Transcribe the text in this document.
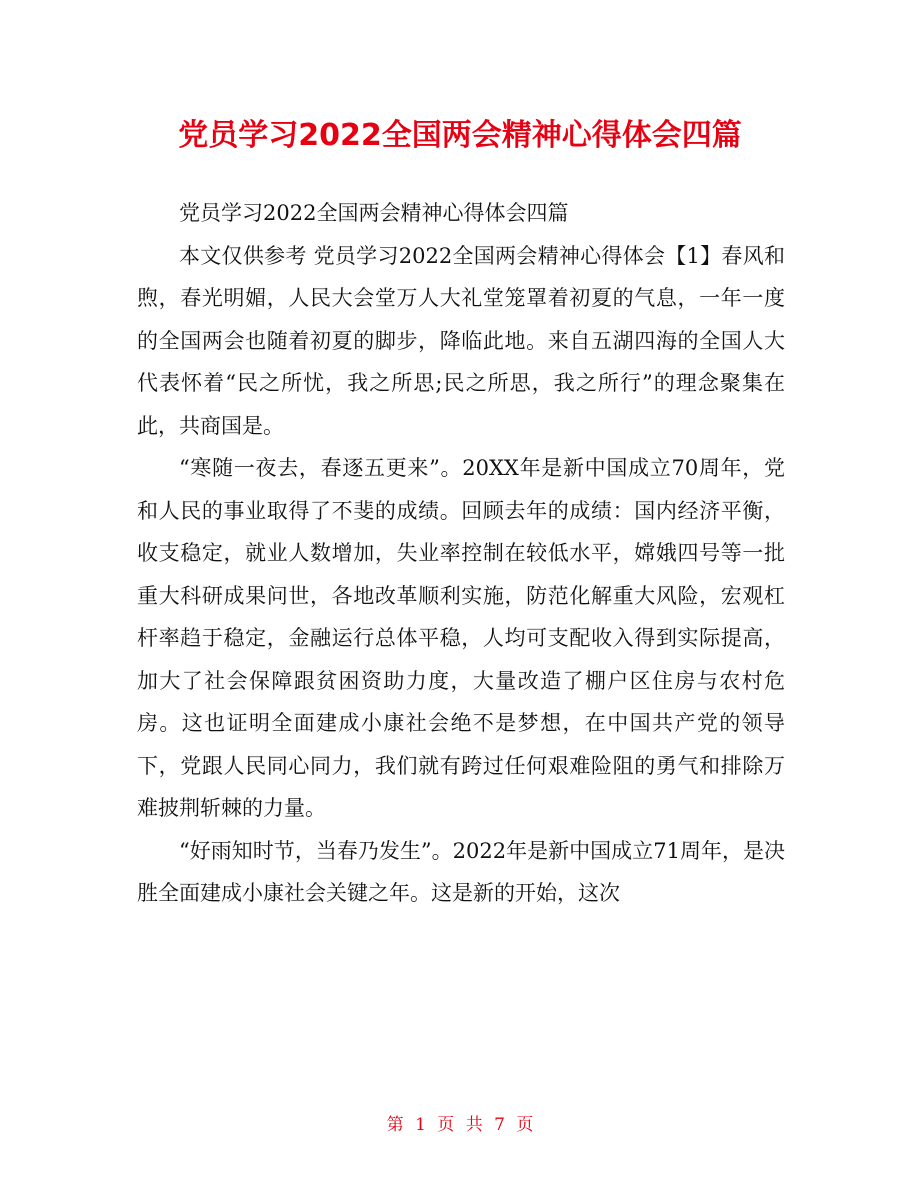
党员学习2022全国两会精神心得体会四篇

党员学习2022全国两会精神心得体会四篇

本文仅供参考 党员学习2022全国两会精神心得体会【1】春风和煦，春光明媚，人民大会堂万人大礼堂笼罩着初夏的气息，一年一度的全国两会也随着初夏的脚步，降临此地。来自五湖四海的全国人大代表怀着“民之所忧，我之所思;民之所思，我之所行”的理念聚集在此，共商国是。

“寒随一夜去，春逐五更来”。20XX年是新中国成立70周年，党和人民的事业取得了不斐的成绩。回顾去年的成绩：国内经济平衡，收支稳定，就业人数增加，失业率控制在较低水平，嫦娥四号等一批重大科研成果问世，各地改革顺利实施，防范化解重大风险，宏观杠杆率趋于稳定，金融运行总体平稳，人均可支配收入得到实际提高，加大了社会保障跟贫困资助力度，大量改造了棚户区住房与农村危房。这也证明全面建成小康社会绝不是梦想，在中国共产党的领导下，党跟人民同心同力，我们就有跨过任何艰难险阻的勇气和排除万难披荆斩棘的力量。

“好雨知时节，当春乃发生”。2022年是新中国成立71周年，是决胜全面建成小康社会关键之年。这是新的开始，这次

第 1 页 共 7 页
